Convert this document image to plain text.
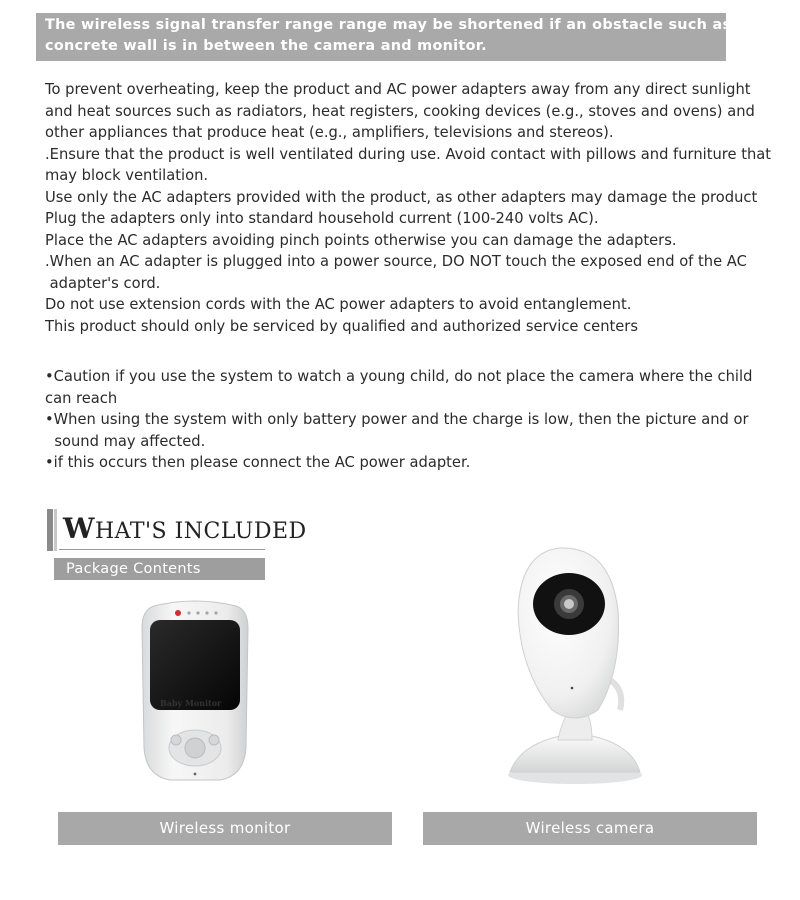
The wireless signal transfer range range may be shortened if an obstacle such as a
concrete wall is in between the camera and monitor.
To prevent overheating, keep the product and AC power adapters away from any direct sunlight
and heat sources such as radiators, heat registers, cooking devices (e.g., stoves and ovens) and
other appliances that produce heat (e.g., amplifiers, televisions and stereos).
.Ensure that the product is well ventilated during use. Avoid contact with pillows and furniture that
may block ventilation.
Use only the AC adapters provided with the product, as other adapters may damage the product
Plug the adapters only into standard household current (100-240 volts AC).
Place the AC adapters avoiding pinch points otherwise you can damage the adapters.
.When an AC adapter is plugged into a power source, DO NOT touch the exposed end of the AC
adapter's cord.
Do not use extension cords with the AC power adapters to avoid entanglement.
This product should only be serviced by qualified and authorized service centers
•Caution if you use the system to watch a young child, do not place the camera where the child
can reach
•When using the system with only battery power and the charge is low, then the picture and or
sound may affected.
•if this occurs then please connect the AC power adapter.
WHAT'S INCLUDED
Package Contents
Baby Monitor
Wireless monitor	Wireless camera
